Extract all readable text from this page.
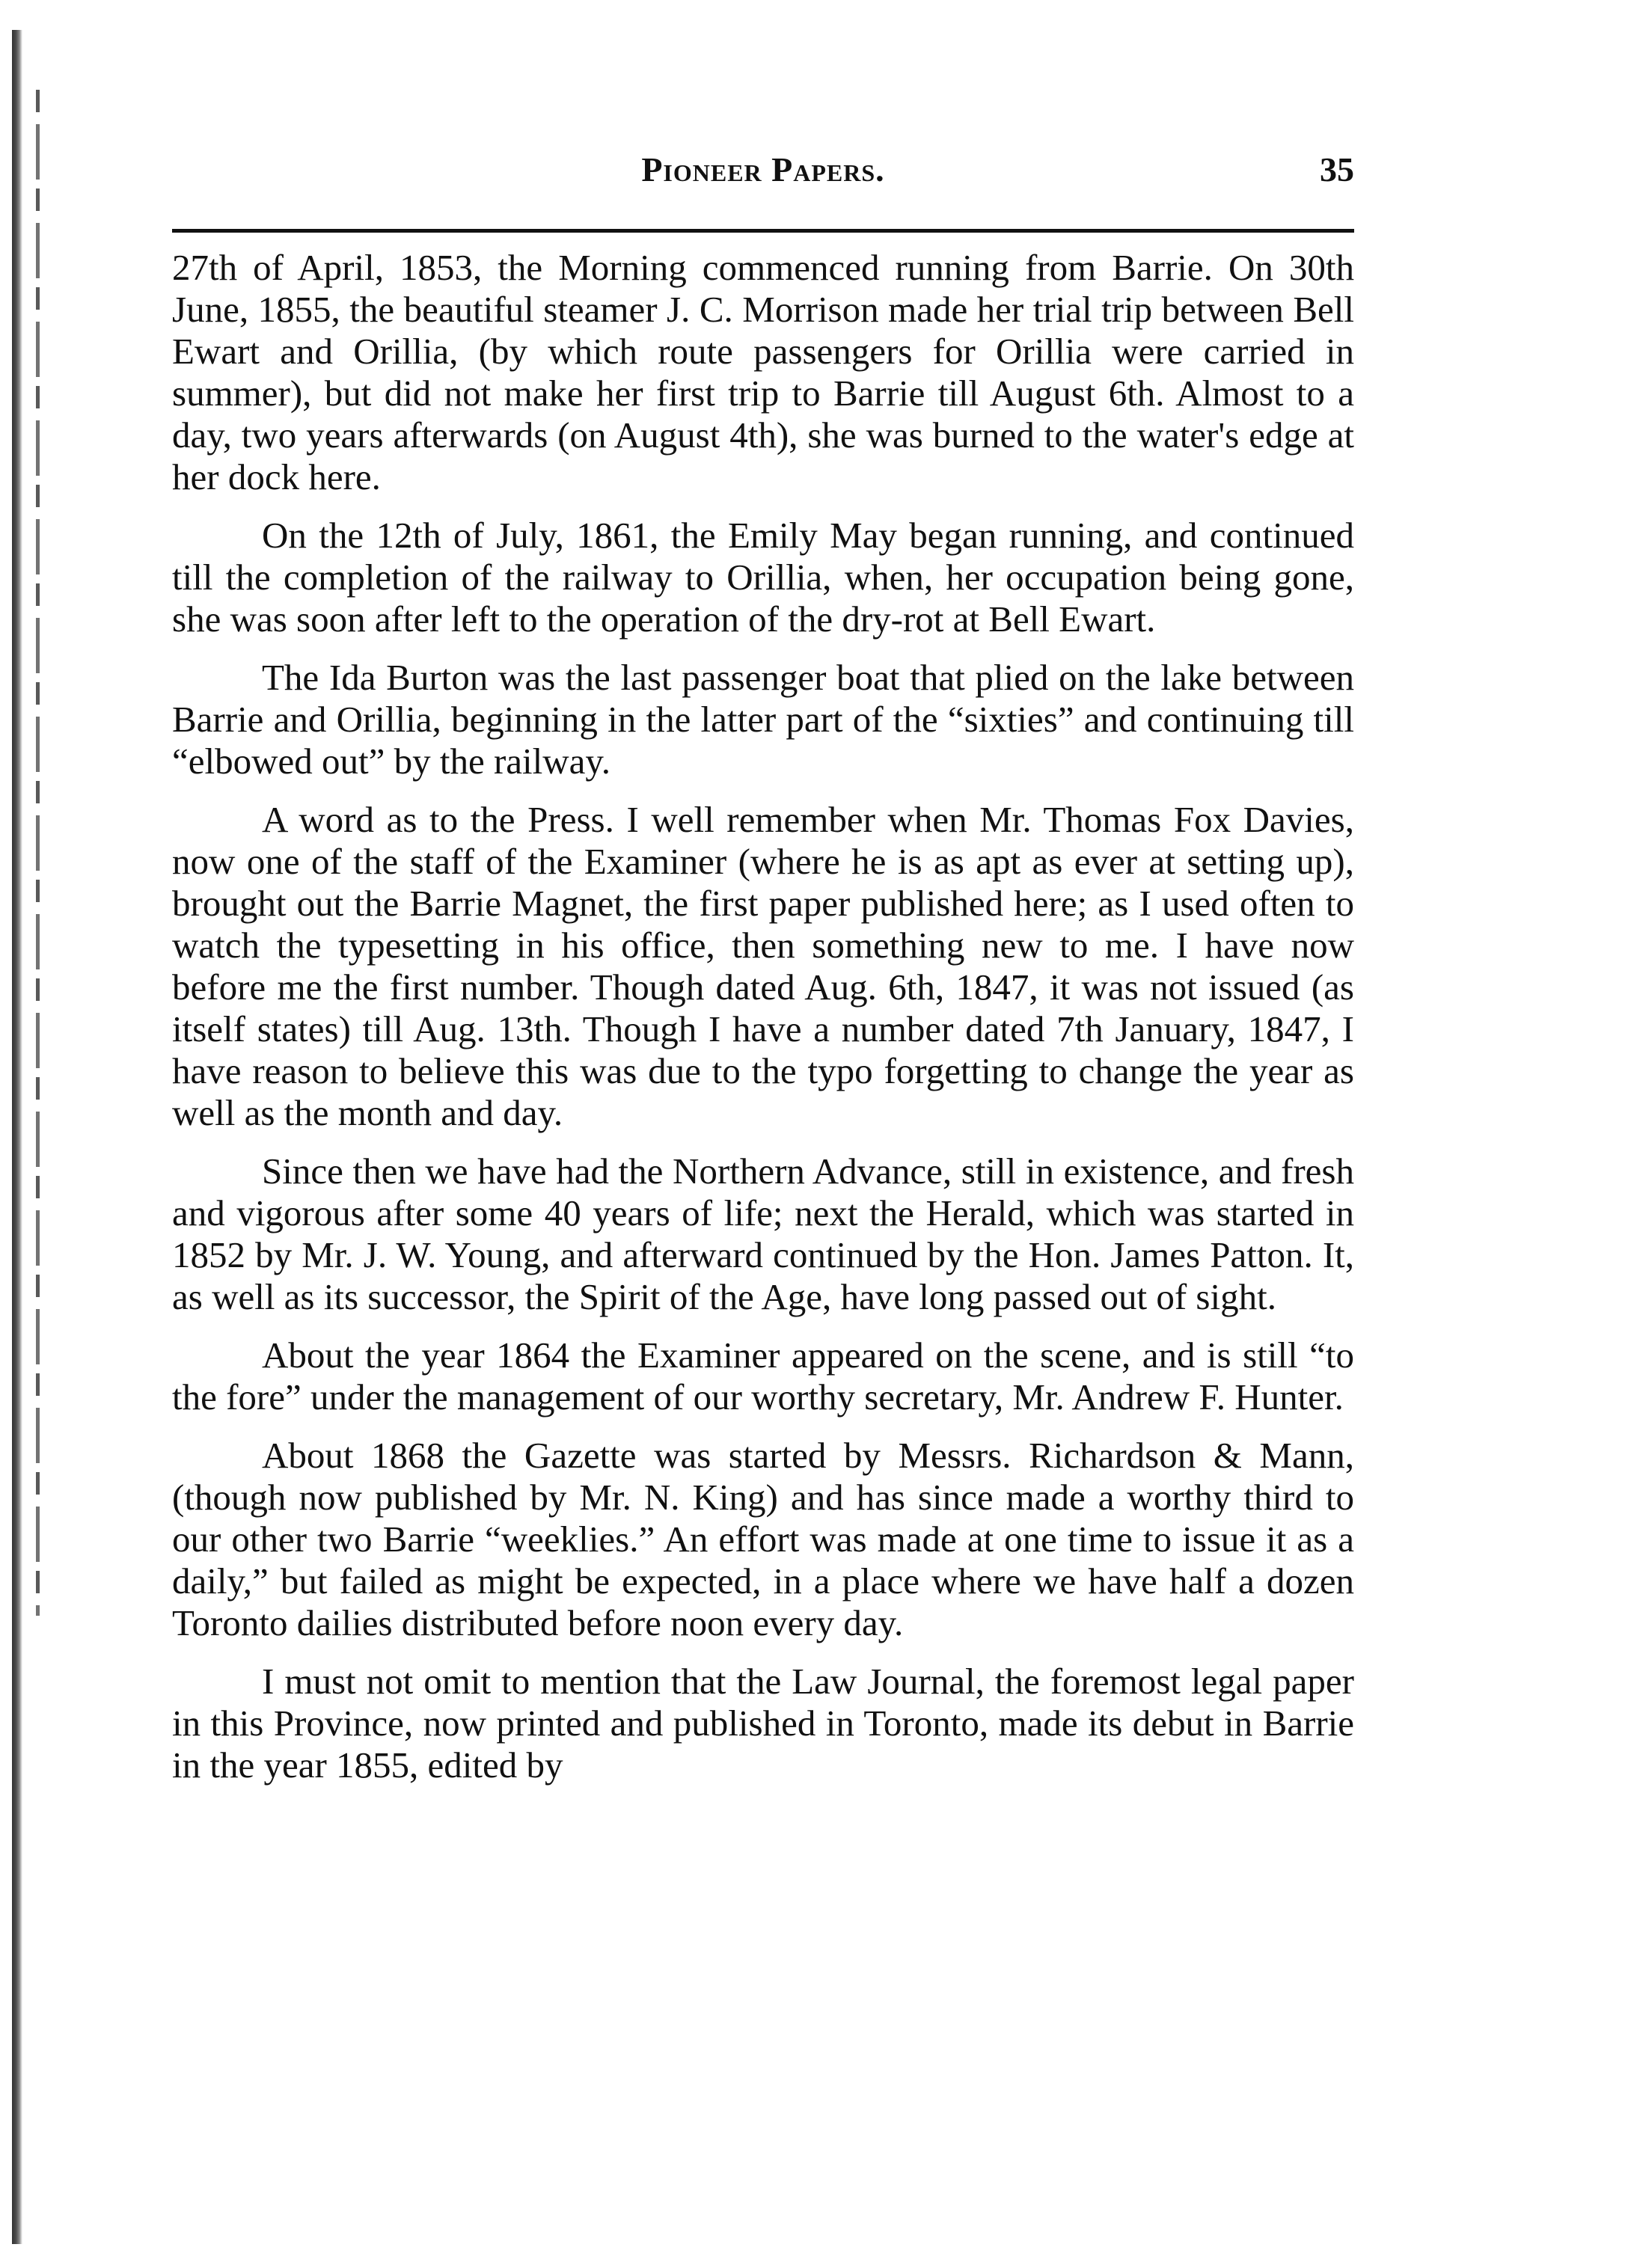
Pioneer Papers.	35

27th of April, 1853, the Morning commenced running from Barrie. On 30th June, 1855, the beautiful steamer J. C. Morrison made her trial trip between Bell Ewart and Orillia, (by which route passengers for Orillia were carried in summer), but did not make her first trip to Barrie till August 6th. Almost to a day, two years afterwards (on August 4th), she was burned to the water's edge at her dock here.

On the 12th of July, 1861, the Emily May began running, and continued till the completion of the railway to Orillia, when, her occupation being gone, she was soon after left to the operation of the dry-rot at Bell Ewart.

The Ida Burton was the last passenger boat that plied on the lake between Barrie and Orillia, beginning in the latter part of the “sixties” and continuing till “elbowed out” by the railway.

A word as to the Press. I well remember when Mr. Thomas Fox Davies, now one of the staff of the Examiner (where he is as apt as ever at setting up), brought out the Barrie Magnet, the first paper published here; as I used often to watch the typesetting in his office, then something new to me. I have now before me the first number. Though dated Aug. 6th, 1847, it was not issued (as itself states) till Aug. 13th. Though I have a number dated 7th January, 1847, I have reason to believe this was due to the typo forgetting to change the year as well as the month and day.

Since then we have had the Northern Advance, still in existence, and fresh and vigorous after some 40 years of life; next the Herald, which was started in 1852 by Mr. J. W. Young, and afterward continued by the Hon. James Patton. It, as well as its successor, the Spirit of the Age, have long passed out of sight.

About the year 1864 the Examiner appeared on the scene, and is still “to the fore” under the management of our worthy secretary, Mr. Andrew F. Hunter.

About 1868 the Gazette was started by Messrs. Richardson & Mann, (though now published by Mr. N. King) and has since made a worthy third to our other two Barrie “weeklies.” An effort was made at one time to issue it as a daily,” but failed as might be expected, in a place where we have half a dozen Toronto dailies distributed before noon every day.

I must not omit to mention that the Law Journal, the foremost legal paper in this Province, now printed and published in Toronto, made its debut in Barrie in the year 1855, edited by
